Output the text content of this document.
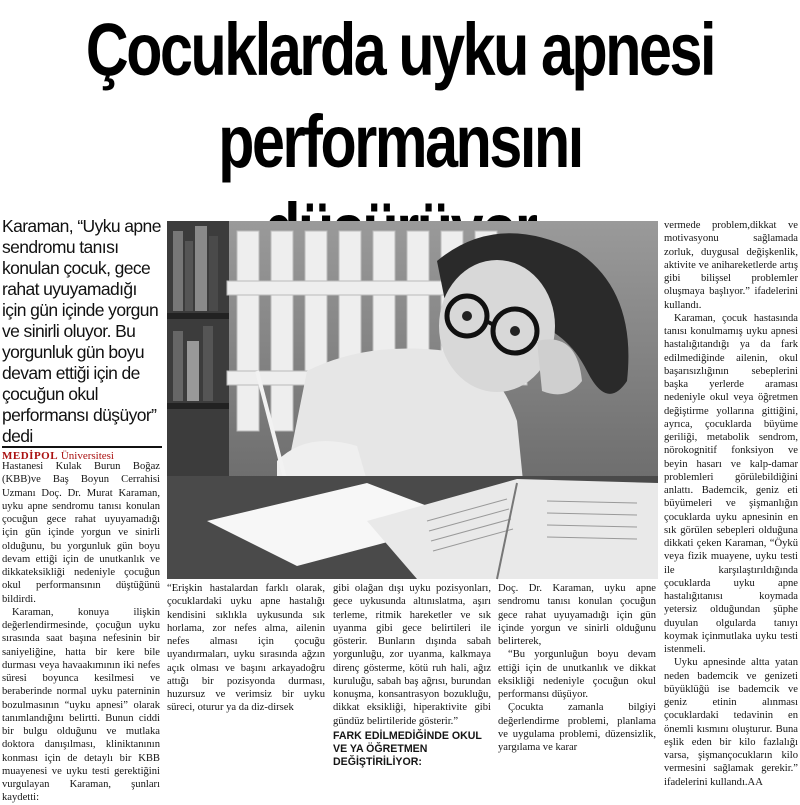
Çocuklarda uyku apnesi
performansını
Karaman, “Uyku apne sendromu tanısı konulan çocuk, gece rahat uyuyamadığı için gün içinde yorgun ve sinirli oluyor. Bu yorgunluk gün boyu devam ettiği için de çocuğun okul performansı düşüyor” dedi
MEDİPOL Üniversitesi

Hastanesi Kulak Burun Boğaz (KBB)ve Baş Boyun Cerrahisi Uzmanı Doç. Dr. Murat Karaman, uyku apne sendromu tanısı konulan çocuğun gece rahat uyuyamadığı için gün içinde yorgun ve sinirli olduğunu, bu yorgunluk gün boyu devam ettiği için de unutkanlık ve dikkateksikliği nedeniyle çocuğun okul performansının düştüğünü bildirdi.

Karaman, konuya ilişkin değerlendirmesinde, çocuğun uyku sırasında saat başına nefesinin bir saniyeliğine, hatta bir kere bile durması veya havaakımının iki nefes süresi boyunca kesilmesi ve beraberinde normal uyku paterninin bozulmasının “uyku apnesi” olarak tanımlandığını belirtti. Bunun ciddi bir bulgu olduğunu ve mutlaka doktora danışılması, kliniktanının konması için de detaylı bir KBB muayenesi ve uyku testi gerektiğini vurgulayan Karaman, şunları kaydetti:

“Erişkin hastalardan farklı olarak, çocuklardaki uyku apne hastalığı kendisini sıklıkla uykusunda sık horlama, zor nefes alma, ailenin nefes alması için çocuğu uyandırmaları, uyku sırasında ağzın açık olması ve başını arkayadoğru attığı bir pozisyonda durması, huzursuz ve verimsiz bir uyku süreci, oturur ya da diz-dirsek

gibi olağan dışı uyku pozisyonları, gece uykusunda altınıslatma, aşırı terleme, ritmik hareketler ve sık uyanma gibi gece belirtileri ile gösterir. Bunların dışında sabah yorgunluğu, zor uyanma, kalkmaya direnç gösterme, kötü ruh hali, ağız kuruluğu, sabah baş ağrısı, burundan konuşma, konsantrasyon bozukluğu, dikkat eksikliği, hiperaktivite gibi gündüz belirtileride gösterir.”

FARK EDİLMEDİĞİNDE OKUL VE YA ÖĞRETMEN DEĞİŞTİRİLİYOR:

Doç. Dr. Karaman, uyku apne sendromu tanısı konulan çocuğun gece rahat uyuyamadığı için gün içinde yorgun ve sinirli olduğunu belirterek,

“Bu yorgunluğun boyu devam ettiği için de unutkanlık ve dikkat eksikliği nedeniyle çocuğun okul performansı düşüyor.

Çocukta zamanla bilgiyi değerlendirme problemi, planlama ve uygulama problemi, düzensizlik, yargılama ve karar

vermede problem,dikkat ve motivasyonu sağlamada zorluk, duygusal değişkenlik, aktivite ve anihareketlerde artış gibi bilişsel problemler oluşmaya başlıyor.” ifadelerini kullandı.

Karaman, çocuk hastasında tanısı konulmamış uyku apnesi hastalığıtandığı ya da fark edilmediğinde ailenin, okul başarısızlığının sebeplerini başka yerlerde araması nedeniyle okul veya öğretmen değiştirme yollarına gittiğini, ayrıca, çocuklarda büyüme geriliği, metabolik sendrom, nörokognitif fonksiyon ve beyin hasarı ve kalp-damar problemleri görülebildiğini anlattı. Bademcik, geniz eti büyümeleri ve şişmanlığın çocuklarda uyku apnesinin en sık görülen sebepleri olduğuna dikkati çeken Karaman, “Öykü veya fizik muayene, uyku testi ile karşılaştırıldığında çocuklarda uyku apne hastalığıtanısı koymada yetersiz olduğundan şüphe duyulan olgularda tanıyı koymak içinmutlaka uyku testi istenmeli.

Uyku apnesinde altta yatan neden bademcik ve genizeti büyüklüğü ise bademcik ve geniz etinin alınması çocuklardaki tedavinin en önemli kısmını oluşturur. Buna eşlik eden bir kilo fazlalığı varsa, şişmançocukların kilo vermesini sağlamak gerekir.” ifadelerini kullandı.AA
